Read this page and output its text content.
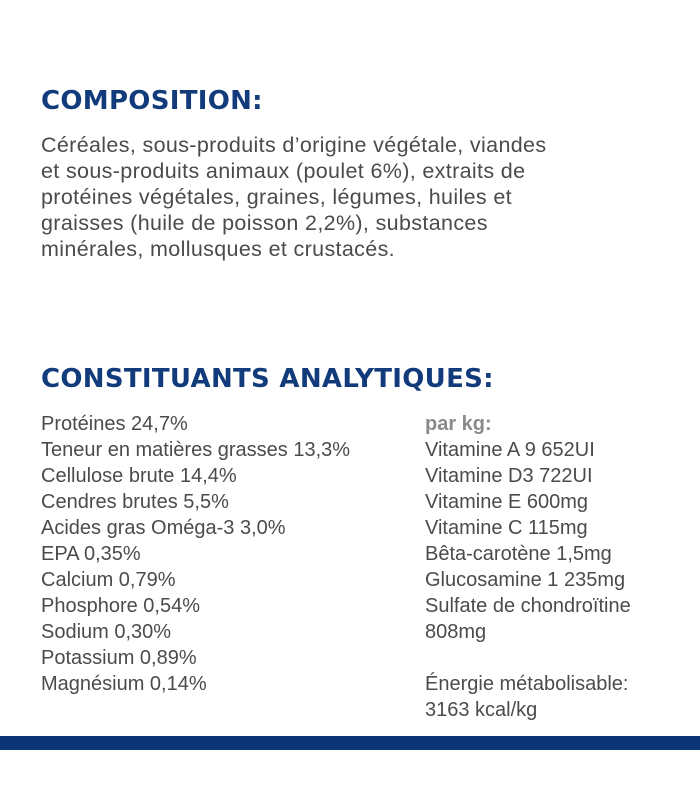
COMPOSITION:

Céréales, sous-produits d’origine végétale, viandes
et sous-produits animaux (poulet 6%), extraits de
protéines végétales, graines, légumes, huiles et
graisses (huile de poisson 2,2%), substances
minérales, mollusques et crustacés.

CONSTITUANTS ANALYTIQUES:
Protéines 24,7%
Teneur en matières grasses 13,3%
Cellulose brute 14,4%
Cendres brutes 5,5%
Acides gras Oméga-3 3,0%
EPA 0,35%
Calcium 0,79%
Phosphore 0,54%
Sodium 0,30%
Potassium 0,89%
Magnésium 0,14%
par kg:
Vitamine A 9 652UI
Vitamine D3 722UI
Vitamine E 600mg
Vitamine C 115mg
Bêta-carotène 1,5mg
Glucosamine 1 235mg
Sulfate de chondroïtine
808mg
Énergie métabolisable:
3163 kcal/kg
